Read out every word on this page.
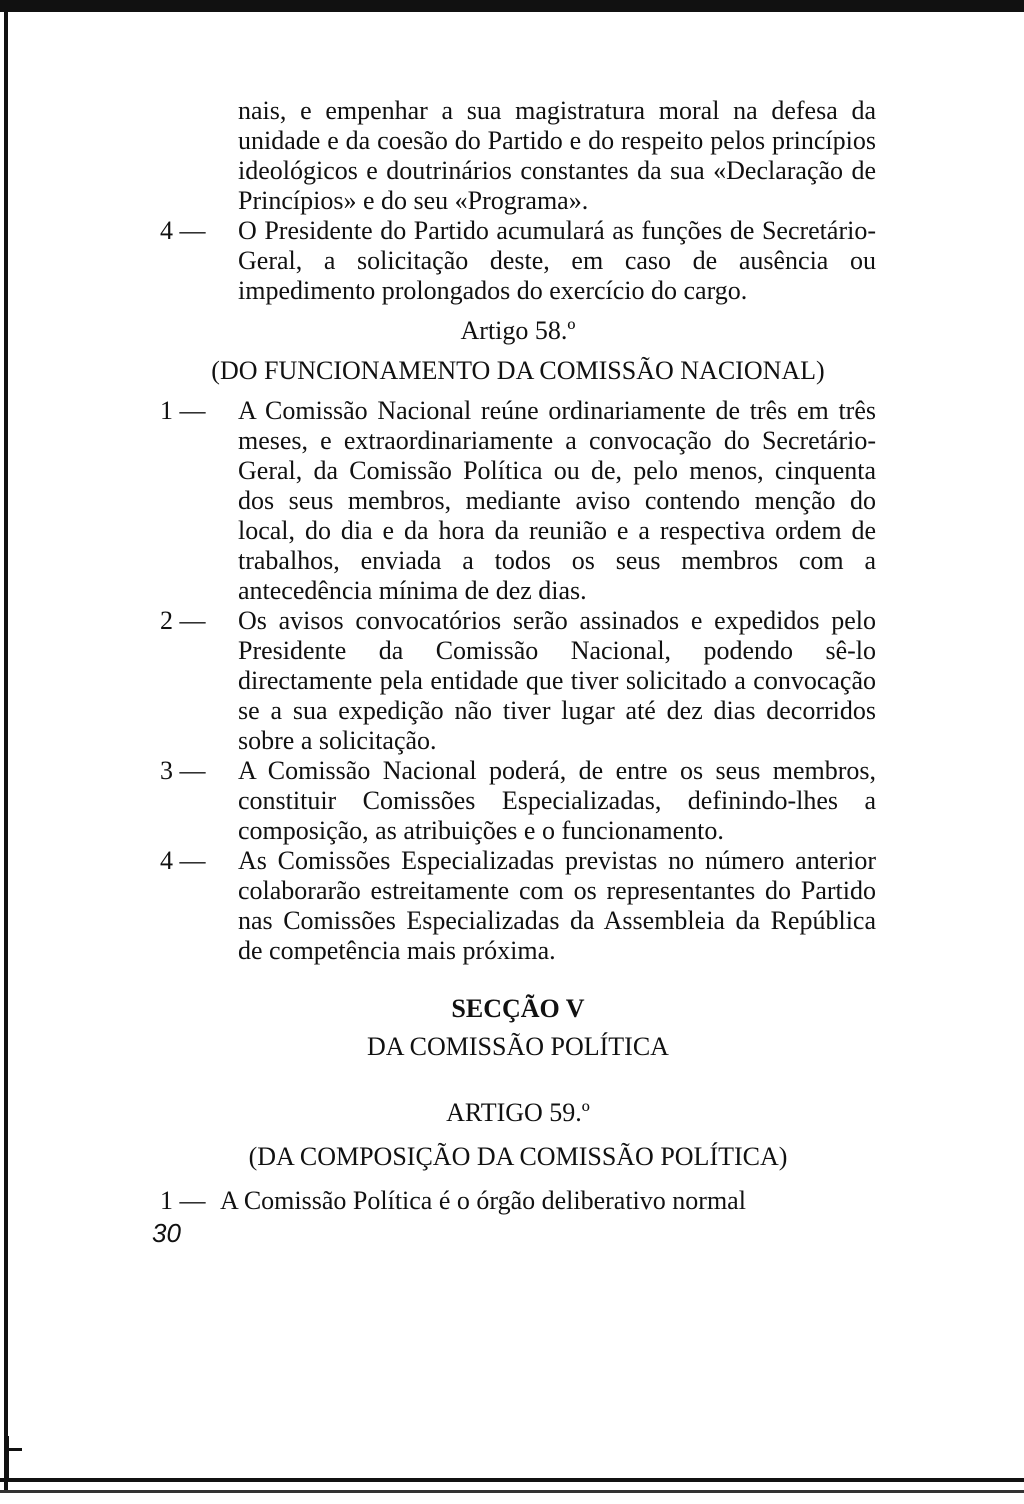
nais, e empenhar a sua magistratura moral na defesa da unidade e da coesão do Partido e do respeito pelos princípios ideológicos e doutrinários constantes da sua «Declaração de Princípios» e do seu «Programa».

4 —	O Presidente do Partido acumulará as funções de Secretário-Geral, a solicitação deste, em caso de ausência ou impedimento prolongados do exercício do cargo.

Artigo 58.º

(DO FUNCIONAMENTO DA COMISSÃO NACIONAL)

1 —	A Comissão Nacional reúne ordinariamente de três em três meses, e extraordinariamente a convocação do Secretário-Geral, da Comissão Política ou de, pelo menos, cinquenta dos seus membros, mediante aviso contendo menção do local, do dia e da hora da reunião e a respectiva ordem de trabalhos, enviada a todos os seus membros com a antecedência mínima de dez dias.
2 —	Os avisos convocatórios serão assinados e expedidos pelo Presidente da Comissão Nacional, podendo sê-lo directamente pela entidade que tiver solicitado a convocação se a sua expedição não tiver lugar até dez dias decorridos sobre a solicitação.
3 —	A Comissão Nacional poderá, de entre os seus membros, constituir Comissões Especializadas, definindo-lhes a composição, as atribuições e o funcionamento.
4 —	As Comissões Especializadas previstas no número anterior colaborarão estreitamente com os representantes do Partido nas Comissões Especializadas da Assembleia da República de competência mais próxima.

SECÇÃO V

DA COMISSÃO POLÍTICA

ARTIGO 59.º

(DA COMPOSIÇÃO DA COMISSÃO POLÍTICA)

1 — A Comissão Política é o órgão deliberativo normal
30
